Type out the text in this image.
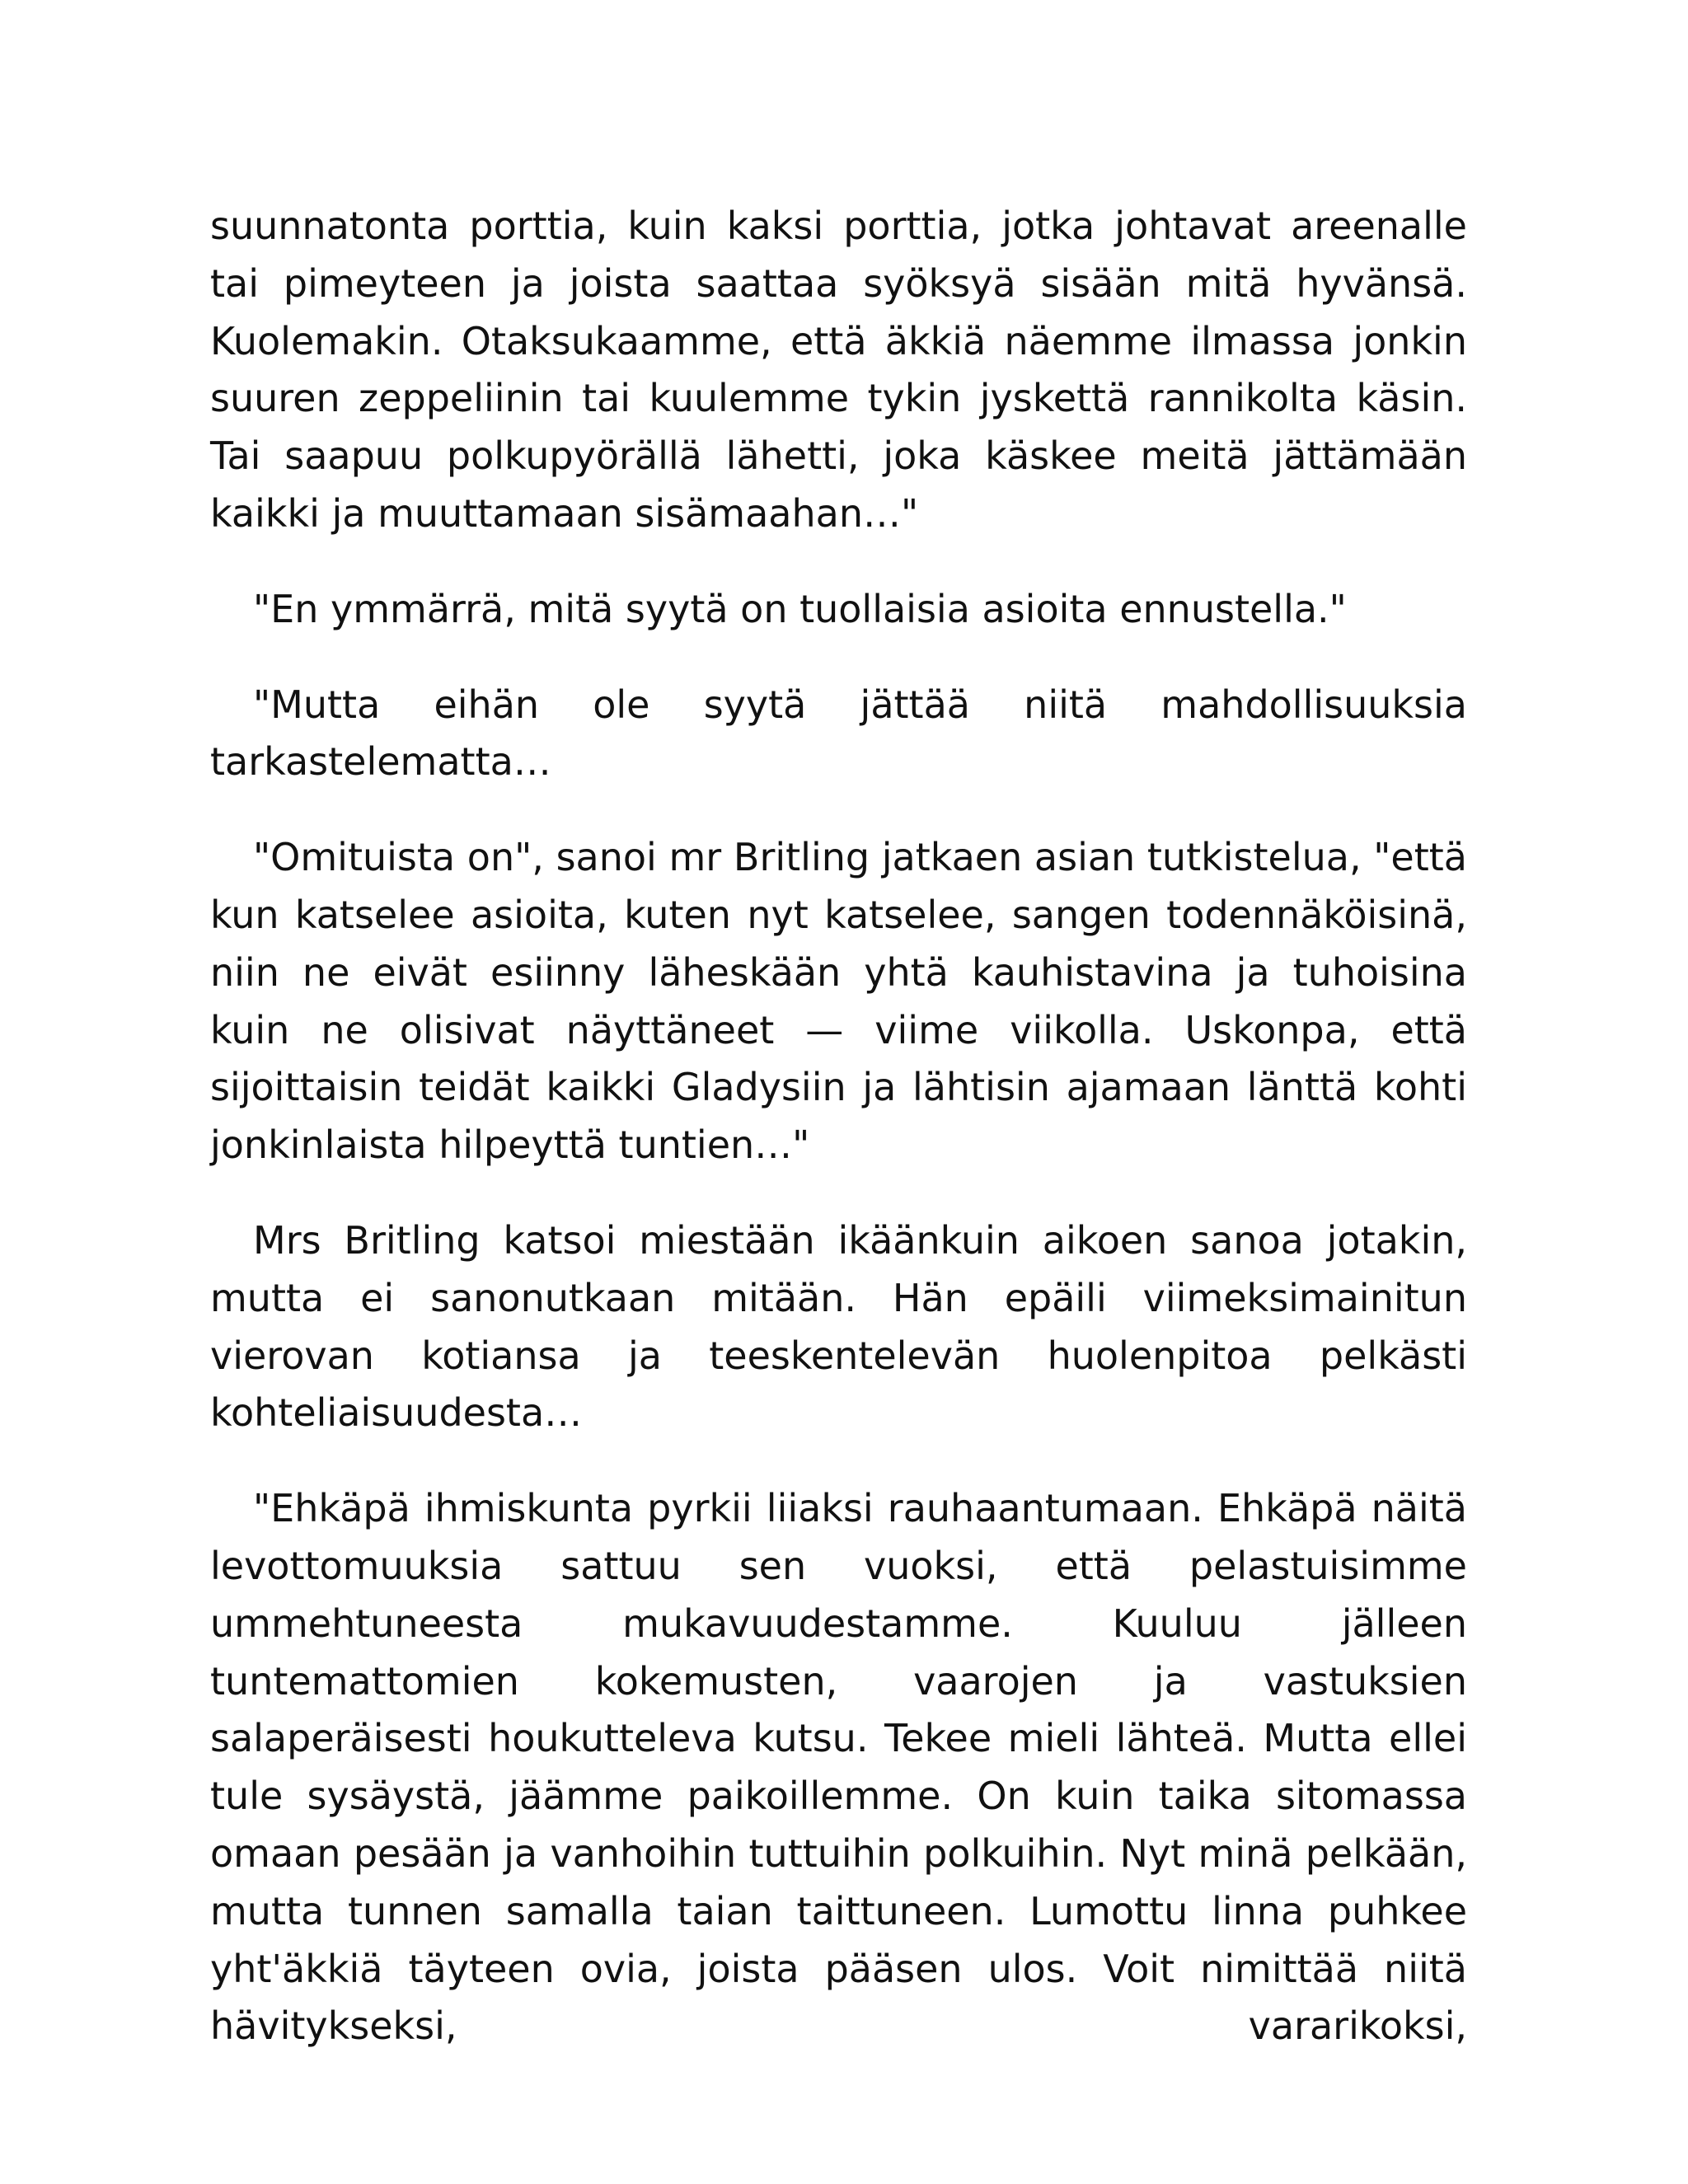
suunnatonta porttia, kuin kaksi porttia, jotka johtavat areenalle tai pimeyteen ja joista saattaa syöksyä sisään mitä hyvänsä. Kuolemakin. Otaksukaamme, että äkkiä näemme ilmassa jonkin suuren zeppeliinin tai kuulemme tykin jyskettä rannikolta käsin. Tai saapuu polkupyörällä lähetti, joka käskee meitä jättämään kaikki ja muuttamaan sisämaahan…"

"En ymmärrä, mitä syytä on tuollaisia asioita ennustella."

"Mutta eihän ole syytä jättää niitä mahdollisuuksia tarkastelematta…

"Omituista on", sanoi mr Britling jatkaen asian tutkistelua, "että kun katselee asioita, kuten nyt katselee, sangen todennäköisinä, niin ne eivät esiinny läheskään yhtä kauhistavina ja tuhoisina kuin ne olisivat näyttäneet — viime viikolla. Uskonpa, että sijoittaisin teidät kaikki Gladysiin ja lähtisin ajamaan länttä kohti jonkinlaista hilpeyttä tuntien…"

Mrs Britling katsoi miestään ikäänkuin aikoen sanoa jotakin, mutta ei sanonutkaan mitään. Hän epäili viimeksimainitun vierovan kotiansa ja teeskentelevän huolenpitoa pelkästi kohteliaisuudesta…

"Ehkäpä ihmiskunta pyrkii liiaksi rauhaantumaan. Ehkäpä näitä levottomuuksia sattuu sen vuoksi, että pelastuisimme ummehtuneesta mukavuudestamme. Kuuluu jälleen tuntemattomien kokemusten, vaarojen ja vastuksien salaperäisesti houkutteleva kutsu. Tekee mieli lähteä. Mutta ellei tule sysäystä, jäämme paikoillemme. On kuin taika sitomassa omaan pesään ja vanhoihin tuttuihin polkuihin. Nyt minä pelkään, mutta tunnen samalla taian taittuneen. Lumottu linna puhkee yht'äkkiä täyteen ovia, joista pääsen ulos. Voit nimittää niitä hävitykseksi, vararikoksi,
